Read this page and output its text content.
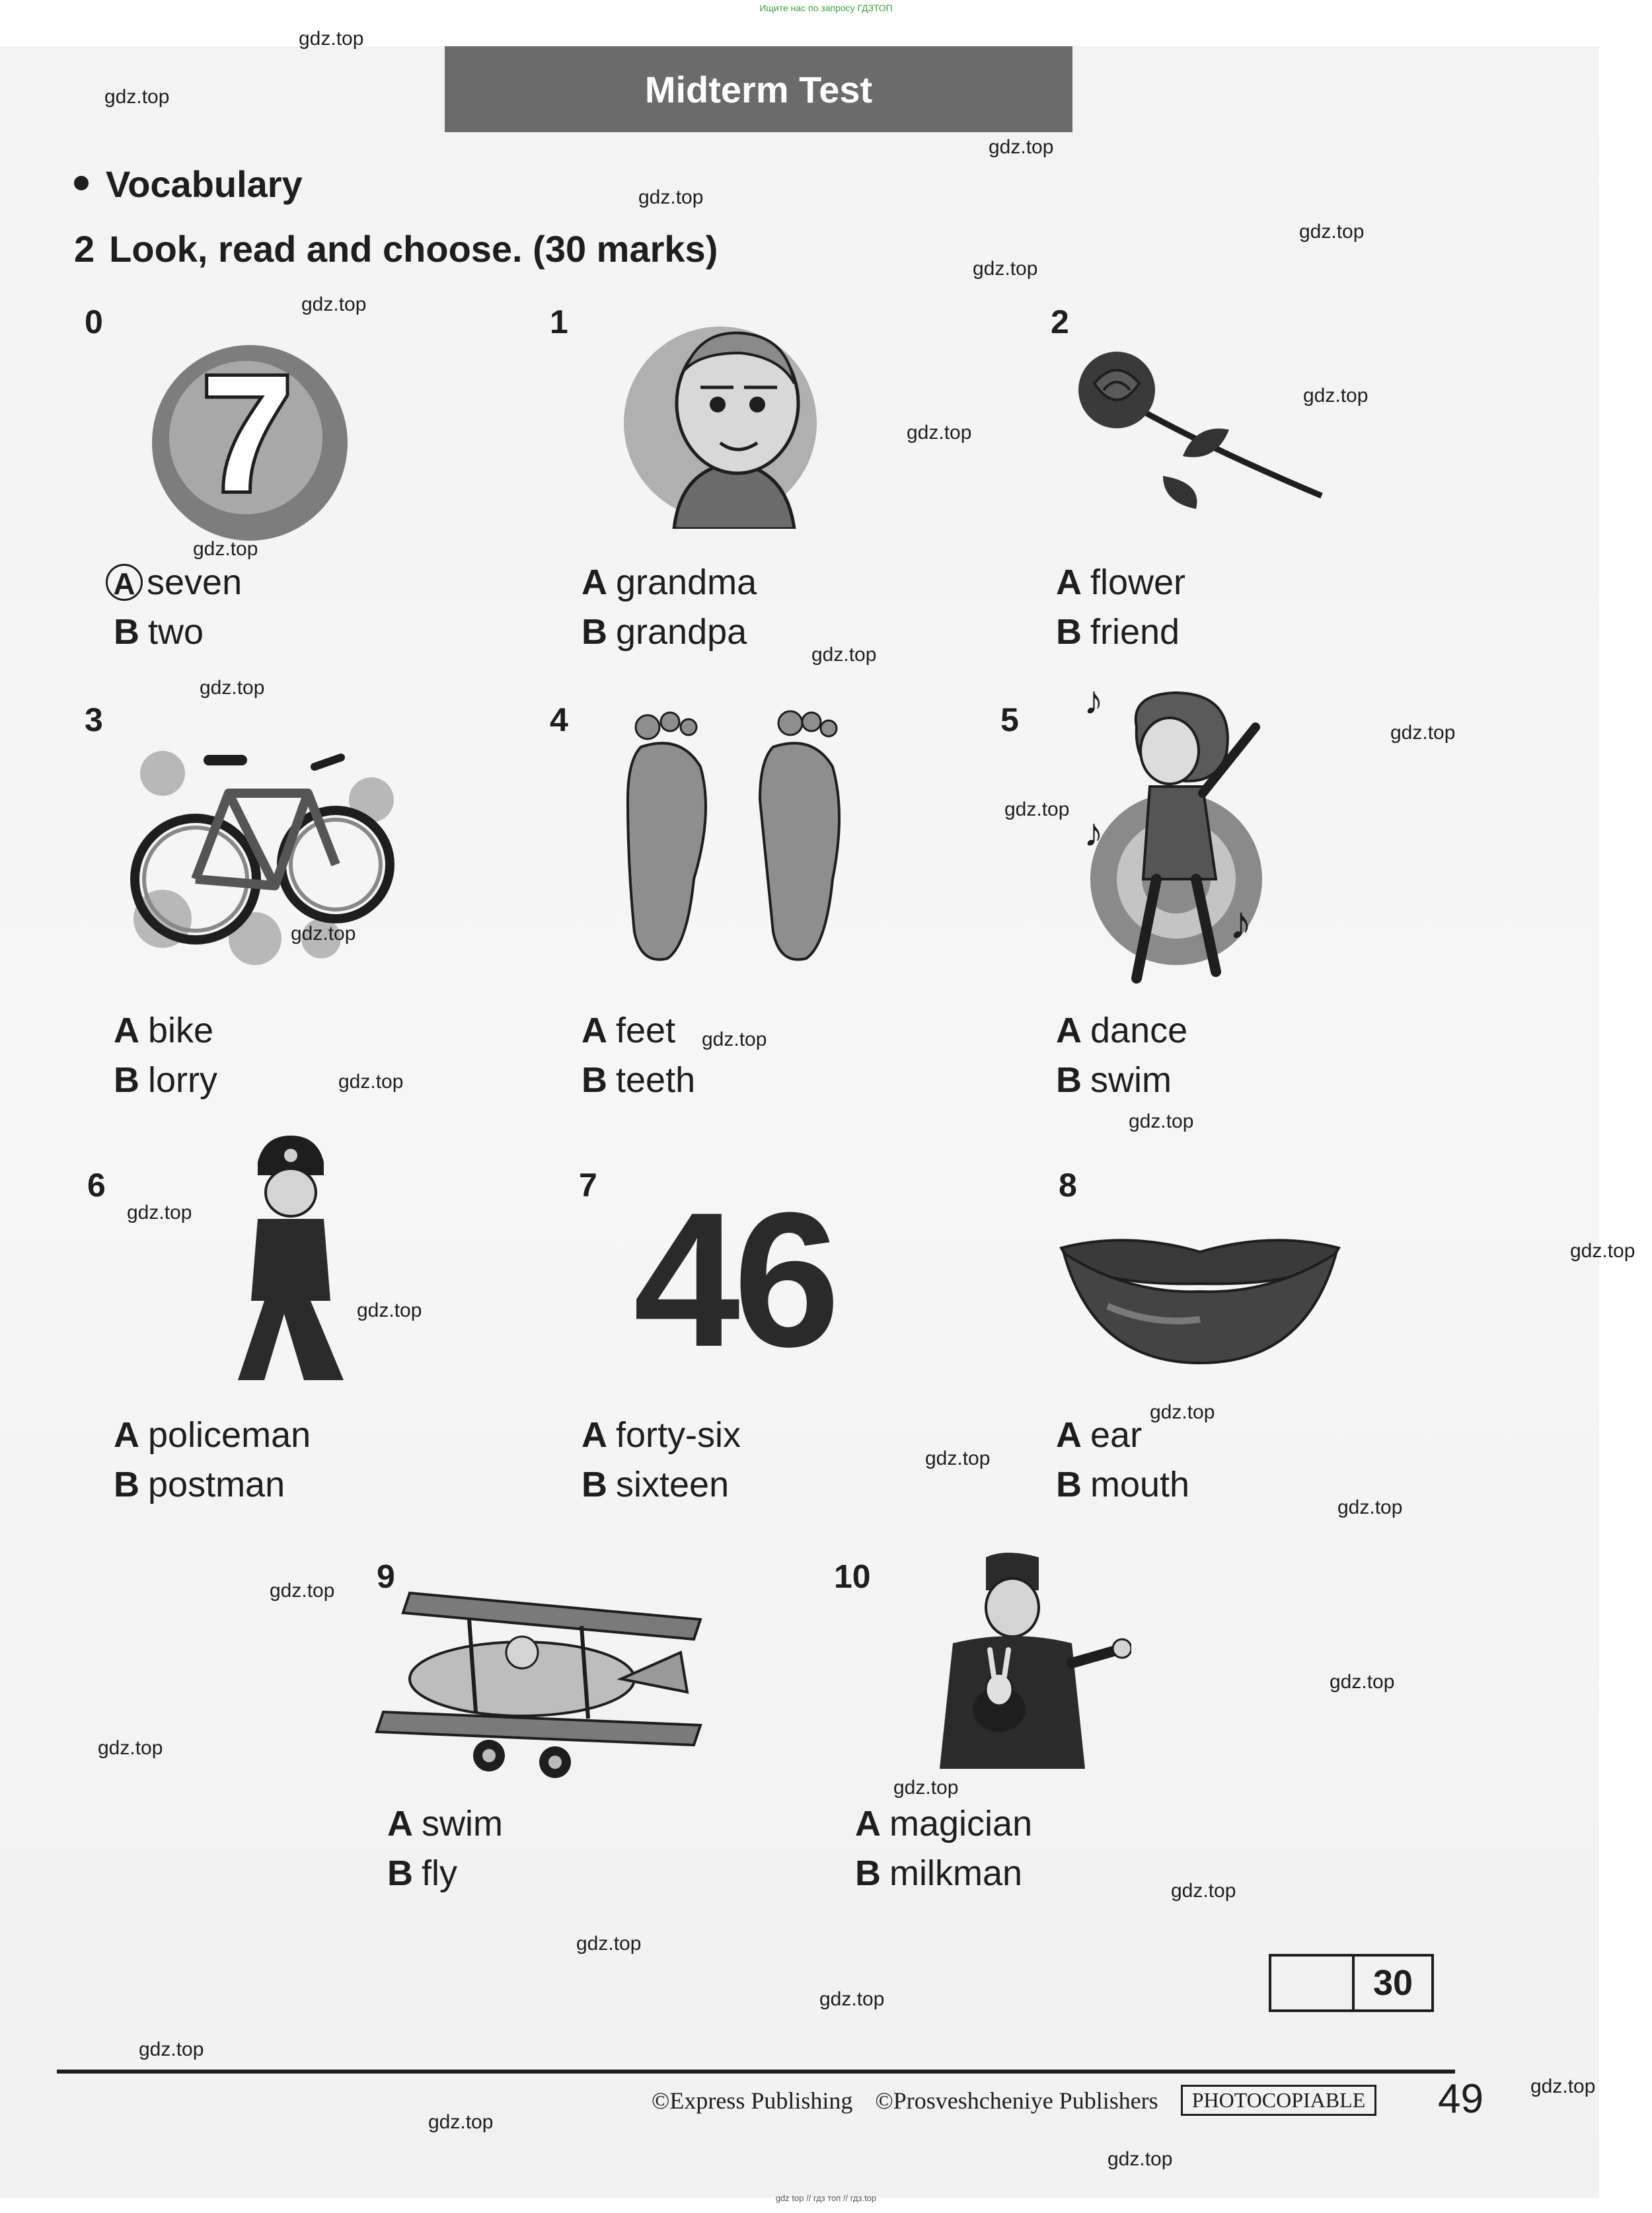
Ищите нас по запросу ГДЗТОП
Midterm Test
Vocabulary
2 Look, read and choose. (30 marks)
0
7
A seven
B two
1
A grandma
B grandpa
2
A flower
B friend
3
A bike
B lorry
4
A feet
B teeth
5 ♪
♪
♪
A dance
B swim
6
A policeman
B postman
7 46
A forty-six
B sixteen
8
A ear
B mouth
9
A swim
B fly
10
A magician
B milkman
30
©Express Publishing ©Prosveshcheniye Publishers	PHOTOCOPIABLE 49
gdz.top
gdz.top
gdz.top
gdz.top
gdz.top
gdz.top
gdz.top
gdz.top
gdz.top
gdz.top
gdz.top
gdz.top
gdz.top
gdz.top
gdz.top
gdz.top
gdz.top
gdz.top
gdz.top
gdz.top
gdz.top
gdz.top
gdz.top
gdz.top
gdz.top
gdz.top
gdz.top
gdz.top
gdz.top
gdz.top
gdz.top
gdz.top
gdz.top
gdz.top
gdz.top
gdz top // гдз топ // гдз.top
